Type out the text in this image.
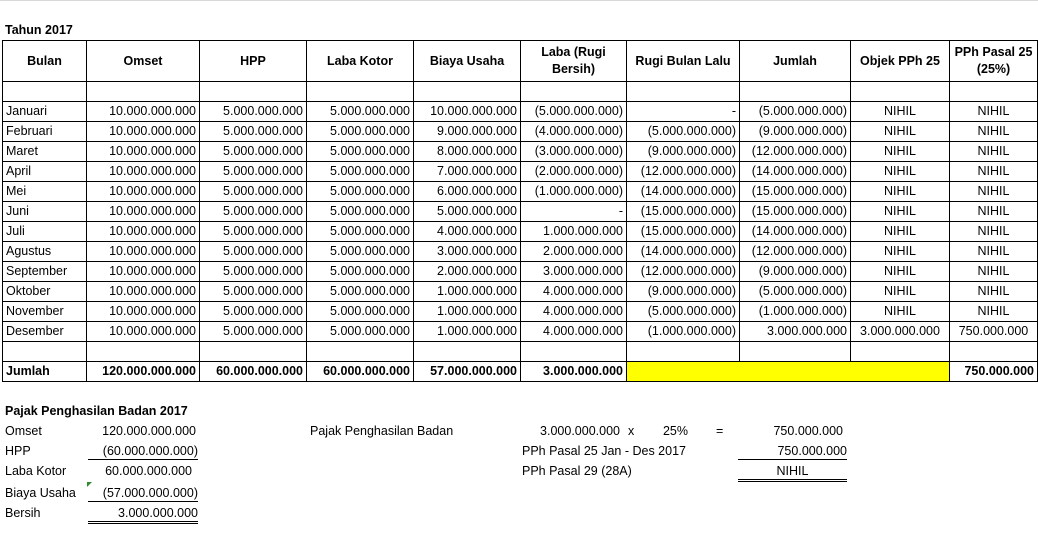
Tahun 2017
Bulan	Omset	HPP	Laba Kotor	Biaya Usaha	Laba (Rugi Bersih)	Rugi Bulan Lalu	Jumlah	Objek PPh 25	PPh Pasal 25 (25%)

Januari	10.000.000.000	5.000.000.000	5.000.000.000	10.000.000.000	(5.000.000.000)	-	(5.000.000.000)	NIHIL	NIHIL
Februari	10.000.000.000	5.000.000.000	5.000.000.000	9.000.000.000	(4.000.000.000)	(5.000.000.000)	(9.000.000.000)	NIHIL	NIHIL
Maret	10.000.000.000	5.000.000.000	5.000.000.000	8.000.000.000	(3.000.000.000)	(9.000.000.000)	(12.000.000.000)	NIHIL	NIHIL
April	10.000.000.000	5.000.000.000	5.000.000.000	7.000.000.000	(2.000.000.000)	(12.000.000.000)	(14.000.000.000)	NIHIL	NIHIL
Mei	10.000.000.000	5.000.000.000	5.000.000.000	6.000.000.000	(1.000.000.000)	(14.000.000.000)	(15.000.000.000)	NIHIL	NIHIL
Juni	10.000.000.000	5.000.000.000	5.000.000.000	5.000.000.000	-	(15.000.000.000)	(15.000.000.000)	NIHIL	NIHIL
Juli	10.000.000.000	5.000.000.000	5.000.000.000	4.000.000.000	1.000.000.000	(15.000.000.000)	(14.000.000.000)	NIHIL	NIHIL
Agustus	10.000.000.000	5.000.000.000	5.000.000.000	3.000.000.000	2.000.000.000	(14.000.000.000)	(12.000.000.000)	NIHIL	NIHIL
September	10.000.000.000	5.000.000.000	5.000.000.000	2.000.000.000	3.000.000.000	(12.000.000.000)	(9.000.000.000)	NIHIL	NIHIL
Oktober	10.000.000.000	5.000.000.000	5.000.000.000	1.000.000.000	4.000.000.000	(9.000.000.000)	(5.000.000.000)	NIHIL	NIHIL
November	10.000.000.000	5.000.000.000	5.000.000.000	1.000.000.000	4.000.000.000	(5.000.000.000)	(1.000.000.000)	NIHIL	NIHIL
Desember	10.000.000.000	5.000.000.000	5.000.000.000	1.000.000.000	4.000.000.000	(1.000.000.000)	3.000.000.000	3.000.000.000	750.000.000

Jumlah	120.000.000.000	60.000.000.000	60.000.000.000	57.000.000.000	3.000.000.000				750.000.000
Pajak Penghasilan Badan 2017
Omset	120.000.000.000
HPP	(60.000.000.000)
Laba Kotor	60.000.000.000
Biaya Usaha	(57.000.000.000)
Bersih	3.000.000.000
Pajak Penghasilan Badan	3.000.000.000 x	25% =	750.000.000
PPh Pasal 25 Jan - Des 2017	750.000.000
PPh Pasal 29 (28A)	NIHIL
